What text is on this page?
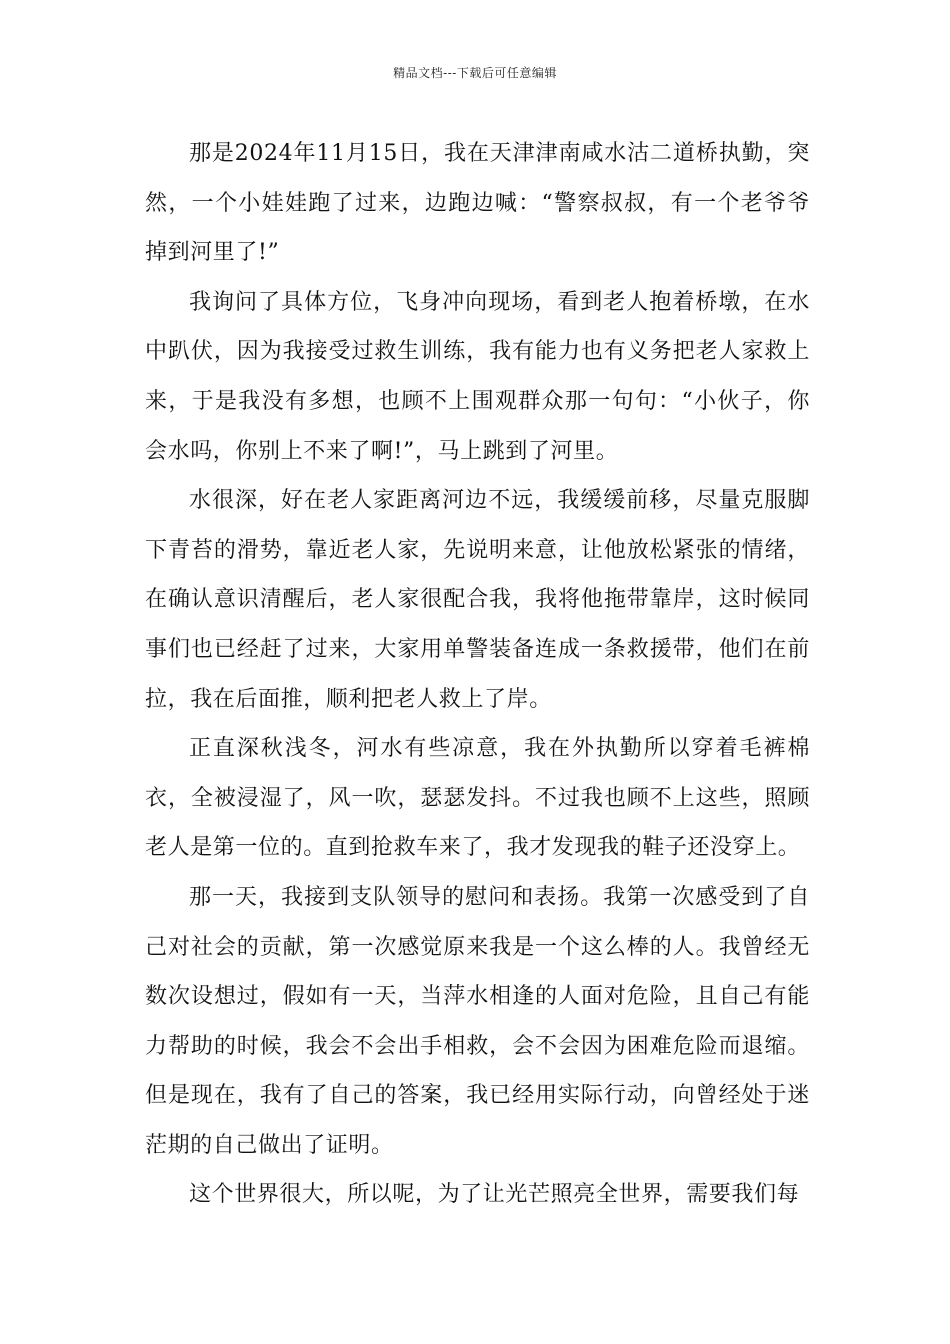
精品文档---下载后可任意编辑

那是2024年11月15日，我在天津津南咸水沽二道桥执勤，突然，一个小娃娃跑了过来，边跑边喊：“警察叔叔，有一个老爷爷掉到河里了!”

我询问了具体方位，飞身冲向现场，看到老人抱着桥墩，在水中趴伏，因为我接受过救生训练，我有能力也有义务把老人家救上来，于是我没有多想，也顾不上围观群众那一句句：“小伙子，你会水吗，你别上不来了啊!”，马上跳到了河里。

水很深，好在老人家距离河边不远，我缓缓前移，尽量克服脚下青苔的滑势，靠近老人家，先说明来意，让他放松紧张的情绪，在确认意识清醒后，老人家很配合我，我将他拖带靠岸，这时候同事们也已经赶了过来，大家用单警装备连成一条救援带，他们在前拉，我在后面推，顺利把老人救上了岸。

正直深秋浅冬，河水有些凉意，我在外执勤所以穿着毛裤棉衣，全被浸湿了，风一吹，瑟瑟发抖。不过我也顾不上这些，照顾老人是第一位的。直到抢救车来了，我才发现我的鞋子还没穿上。

那一天，我接到支队领导的慰问和表扬。我第一次感受到了自己对社会的贡献，第一次感觉原来我是一个这么棒的人。我曾经无数次设想过，假如有一天，当萍水相逢的人面对危险，且自己有能力帮助的时候，我会不会出手相救，会不会因为困难危险而退缩。但是现在，我有了自己的答案，我已经用实际行动，向曾经处于迷茫期的自己做出了证明。

这个世界很大，所以呢，为了让光芒照亮全世界，需要我们每
